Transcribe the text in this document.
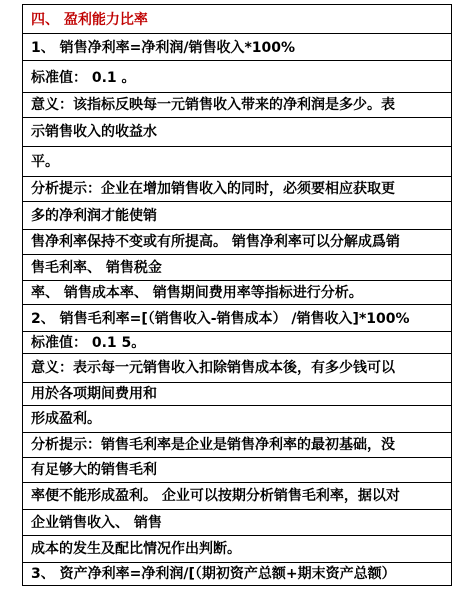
四、 盈利能力比率
1、 销售净利率=净利润/销售收入*100%
标准值： 0.1 。
意义：该指标反映每一元销售收入带来的净利润是多少。表
示销售收入的收益水
平。
分析提示：企业在增加销售收入的同时，必须要相应获取更
多的净利润才能使销
售净利率保持不变或有所提高。 销售净利率可以分解成爲销
售毛利率、 销售税金
率、 销售成本率、 销售期间费用率等指标进行分析。
2、 销售毛利率=[（销售收入-销售成本） /销售收入]*100%
标准值： 0.1 5。
意义：表示每一元销售收入扣除销售成本後，有多少钱可以
用於各项期间费用和
形成盈利。
分析提示：销售毛利率是企业是销售净利率的最初基础，没
有足够大的销售毛利
率便不能形成盈利。 企业可以按期分析销售毛利率，据以对
企业销售收入、 销售
成本的发生及配比情况作出判断。
3、 资产净利率=净利润/[（期初资产总额+期末资产总额）
